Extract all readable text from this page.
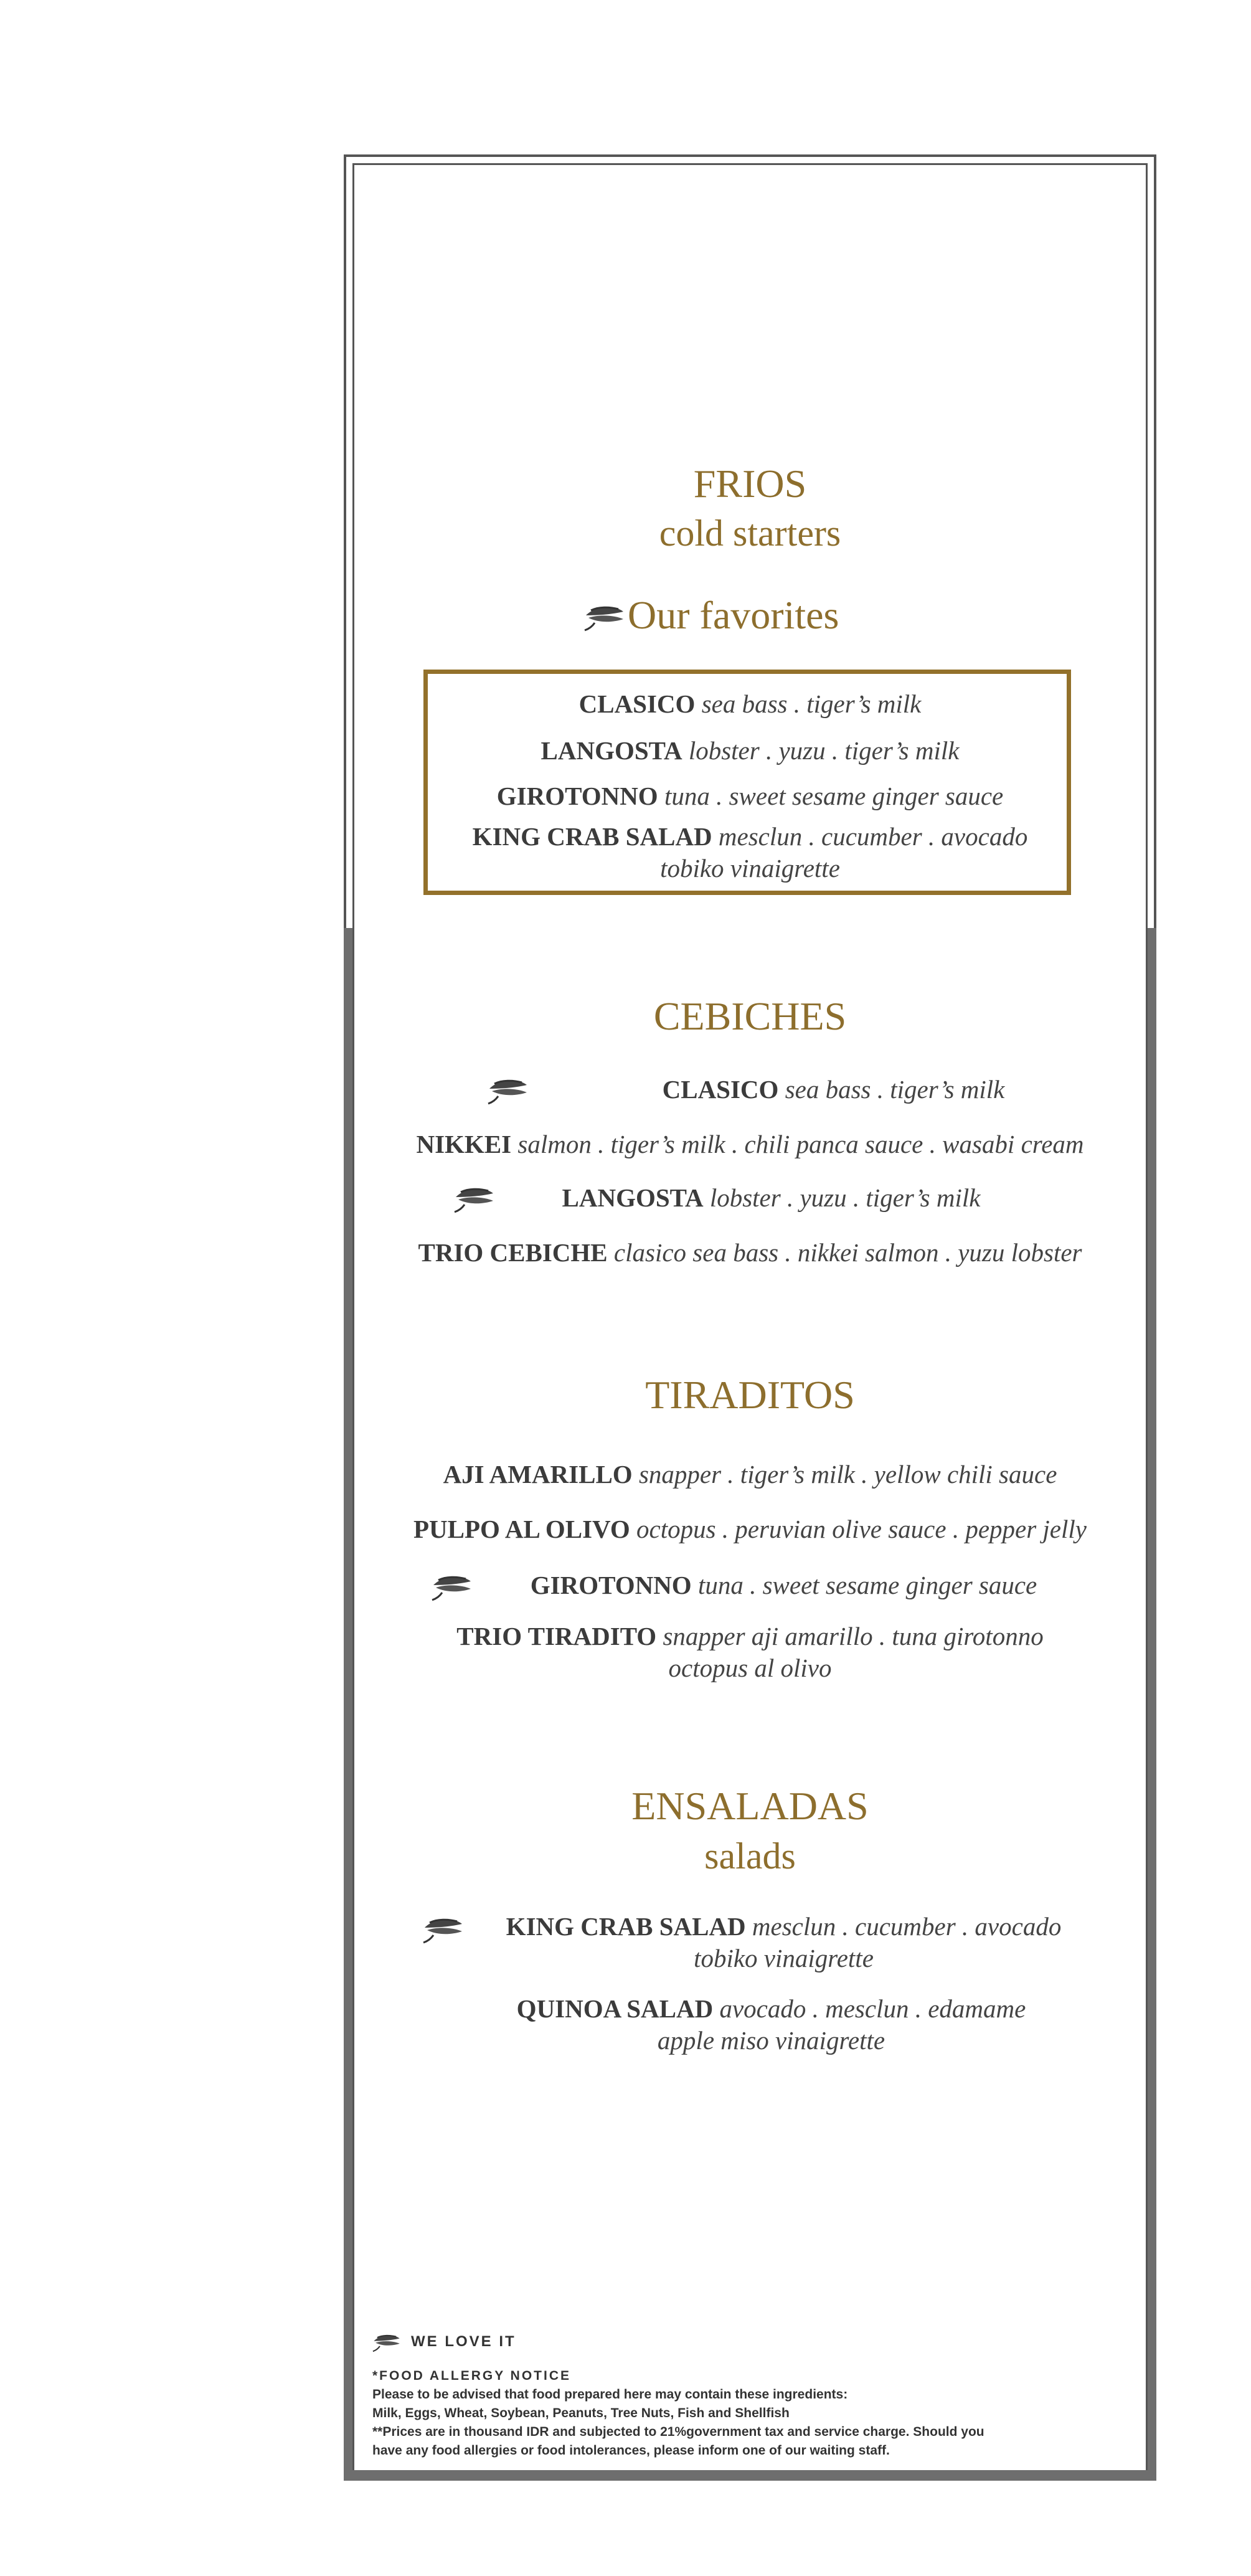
FRIOS
cold starters
Our favorites
CLASICO sea bass . tiger’s milk
LANGOSTA lobster . yuzu . tiger’s milk
GIROTONNO tuna . sweet sesame ginger sauce
KING CRAB SALAD mesclun . cucumber . avocado
tobiko vinaigrette
CEBICHES
CLASICO sea bass . tiger’s milk
NIKKEI salmon . tiger’s milk . chili panca sauce . wasabi cream
LANGOSTA lobster . yuzu . tiger’s milk
TRIO CEBICHE clasico sea bass . nikkei salmon . yuzu lobster
TIRADITOS
AJI AMARILLO snapper . tiger’s milk . yellow chili sauce
PULPO AL OLIVO octopus . peruvian olive sauce . pepper jelly
GIROTONNO tuna . sweet sesame ginger sauce
TRIO TIRADITO snapper aji amarillo . tuna girotonno
octopus al olivo
ENSALADAS
salads
KING CRAB SALAD mesclun . cucumber . avocado
tobiko vinaigrette
QUINOA SALAD avocado . mesclun . edamame
apple miso vinaigrette
WE LOVE IT
*FOOD ALLERGY NOTICE
Please to be advised that food prepared here may contain these ingredients:
Milk, Eggs, Wheat, Soybean, Peanuts, Tree Nuts, Fish and Shellfish
**Prices are in thousand IDR and subjected to 21%government tax and service charge. Should you
have any food allergies or food intolerances, please inform one of our waiting staff.
